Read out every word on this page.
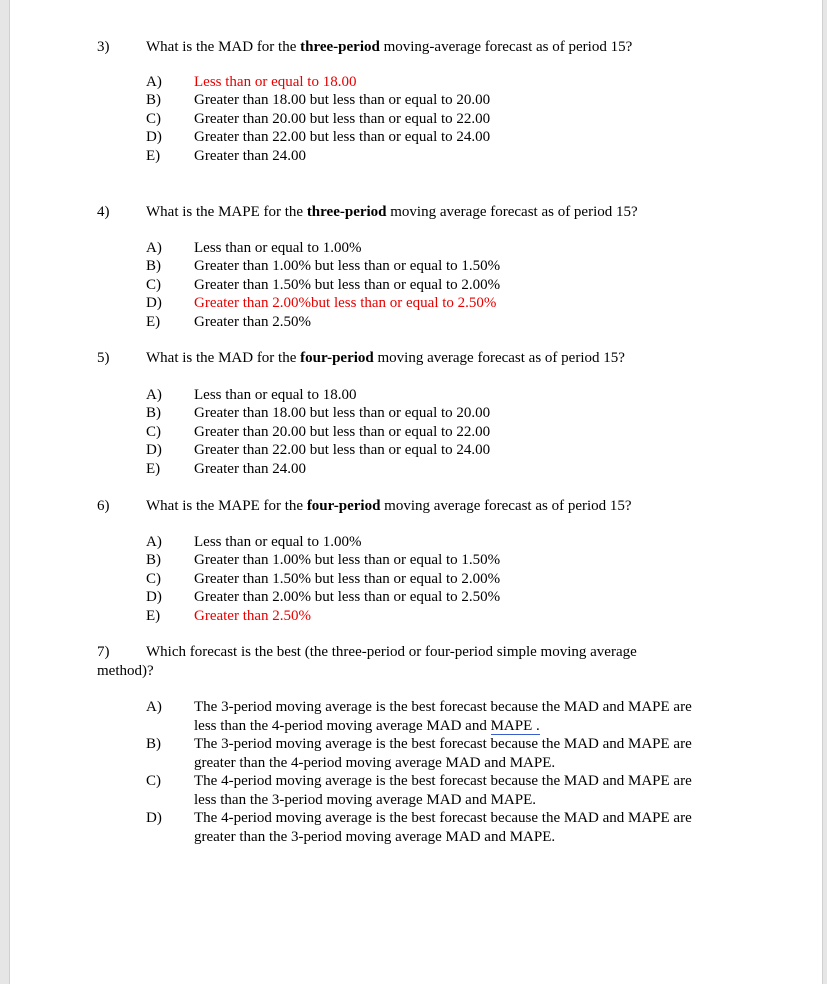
3) What is the MAD for the three-period moving-average forecast as of period 15?
A) Less than or equal to 18.00
B) Greater than 18.00 but less than or equal to 20.00
C) Greater than 20.00 but less than or equal to 22.00
D) Greater than 22.00 but less than or equal to 24.00
E) Greater than 24.00
4) What is the MAPE for the three-period moving average forecast as of period 15?
A) Less than or equal to 1.00%
B) Greater than 1.00% but less than or equal to 1.50%
C) Greater than 1.50% but less than or equal to 2.00%
D) Greater than 2.00%but less than or equal to 2.50%
E) Greater than 2.50%
5) What is the MAD for the four-period moving average forecast as of period 15?
A) Less than or equal to 18.00
B) Greater than 18.00 but less than or equal to 20.00
C) Greater than 20.00 but less than or equal to 22.00
D) Greater than 22.00 but less than or equal to 24.00
E) Greater than 24.00
6) What is the MAPE for the four-period moving average forecast as of period 15?
A) Less than or equal to 1.00%
B) Greater than 1.00% but less than or equal to 1.50%
C) Greater than 1.50% but less than or equal to 2.00%
D) Greater than 2.00% but less than or equal to 2.50%
E) Greater than 2.50%
7) Which forecast is the best (the three-period or four-period simple moving average method)?
A) The 3-period moving average is the best forecast because the MAD and MAPE are less than the 4-period moving average MAD and MAPE .
B) The 3-period moving average is the best forecast because the MAD and MAPE are greater than the 4-period moving average MAD and MAPE.
C) The 4-period moving average is the best forecast because the MAD and MAPE are less than the 3-period moving average MAD and MAPE.
D) The 4-period moving average is the best forecast because the MAD and MAPE are greater than the 3-period moving average MAD and MAPE.
